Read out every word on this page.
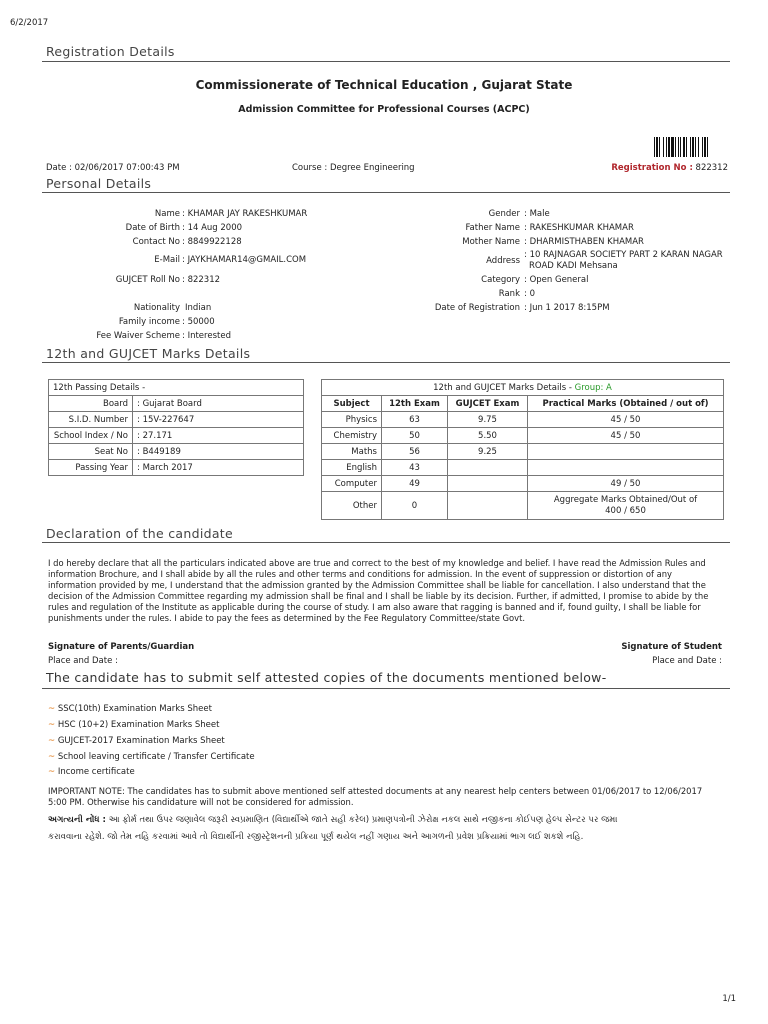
6/2/2017
Registration Details
Commissionerate of Technical Education , Gujarat State
Admission Committee for Professional Courses (ACPC)
Date : 02/06/2017 07:00:43 PM	Course : Degree Engineering	Registration No : 822312
Personal Details
Name : KHAMAR JAY RAKESHKUMAR
Date of Birth : 14 Aug 2000
Contact No : 8849922128
E-Mail : JAYKHAMAR14@GMAIL.COM
GUJCET Roll No : 822312
Nationality Indian
Family income : 50000
Fee Waiver Scheme : Interested
Gender : Male
Father Name : RAKESHKUMAR KHAMAR
Mother Name : DHARMISTHABEN KHAMAR
Address
: 10 RAJNAGAR SOCIETY PART 2 KARAN NAGAR
ROAD KADI Mehsana
Category : Open General
Rank : 0
Date of Registration : Jun 1 2017 8:15PM
12th and GUJCET Marks Details
12th Passing Details -	
Board	: Gujarat Board
S.I.D. Number	: 15V-227647
School Index / No	: 27.171
Seat No	: B449189
Passing Year	: March 2017
12th and GUJCET Marks Details - Group: A			
Subject	12th Exam	GUJCET Exam	Practical Marks (Obtained / out of)
Physics	63	9.75	45 / 50
Chemistry	50	5.50	45 / 50
Maths	56	9.25	
English	43		
Computer	49		49 / 50
Other	0		Aggregate Marks Obtained/Out of
400 / 650
Declaration of the candidate
I do hereby declare that all the particulars indicated above are true and correct to the best of my knowledge and belief. I have read the Admission Rules and
information Brochure, and I shall abide by all the rules and other terms and conditions for admission. In the event of suppression or distortion of any
information provided by me, I understand that the admission granted by the Admission Committee shall be liable for cancellation. I also understand that the
decision of the Admission Committee regarding my admission shall be final and I shall be liable by its decision. Further, if admitted, I promise to abide by the
rules and regulation of the Institute as applicable during the course of study. I am also aware that ragging is banned and if, found guilty, I shall be liable for
punishments under the rules. I abide to pay the fees as determined by the Fee Regulatory Committee/state Govt.
Signature of Parents/Guardian	Signature of Student
Place and Date :	Place and Date :
The candidate has to submit self attested copies of the documents mentioned below-
~ SSC(10th) Examination Marks Sheet
~ HSC (10+2) Examination Marks Sheet
~ GUJCET-2017 Examination Marks Sheet
~ School leaving certificate / Transfer Certificate
~ Income certificate
IMPORTANT NOTE: The candidates has to submit above mentioned self attested documents at any nearest help centers between 01/06/2017 to 12/06/2017
5:00 PM. Otherwise his candidature will not be considered for admission.
અગત્યની નોંધ : આ ફોર્મ તથા ઉપર જણાવેલ જરૂરી સ્વપ્રમાણિત (વિદ્યાર્થીએ જાતે સહી કરેલ) પ્રમાણપત્રોની ઝેરોક્ષ નકલ સાથે નજીકના કોઈપણ હેલ્પ સેન્ટર પર જમા
કરાવવાના રહેશે. જો તેમ નહિ કરવામાં આવે તો વિદ્યાર્થીની રજીસ્ટ્રેશનની પ્રક્રિયા પૂર્ણ થયેલ નહીં ગણાય અને આગળની પ્રવેશ પ્રક્રિયામાં ભાગ લઈ શકશે નહિ.
1/1
